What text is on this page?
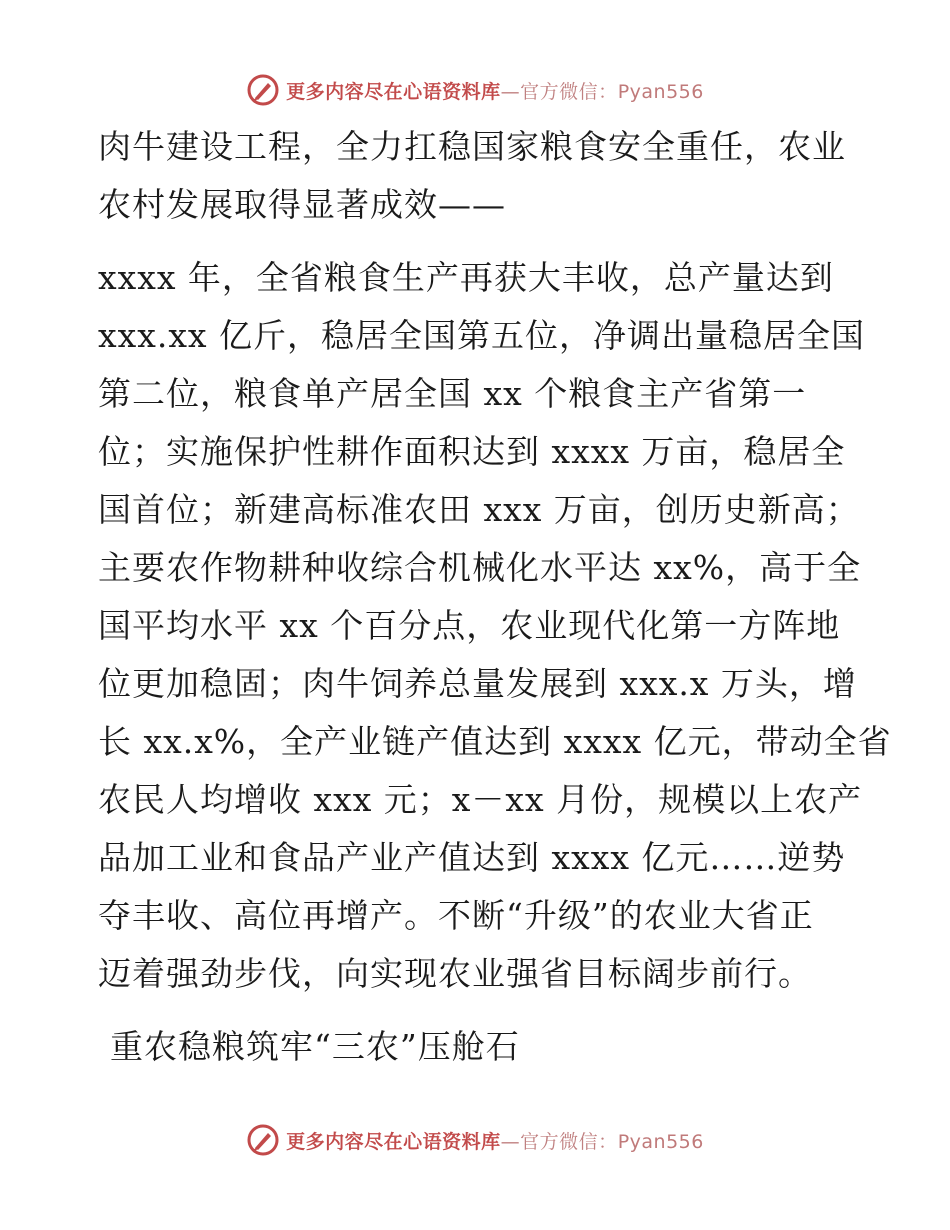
更多内容尽在心语资料库—官方微信：Pyan556

肉牛建设工程，全力扛稳国家粮食安全重任，农业
农村发展取得显著成效——

xxxx 年，全省粮食生产再获大丰收，总产量达到
xxx.xx 亿斤，稳居全国第五位，净调出量稳居全国
第二位，粮食单产居全国 xx 个粮食主产省第一
位；实施保护性耕作面积达到 xxxx 万亩，稳居全
国首位；新建高标准农田 xxx 万亩，创历史新高；
主要农作物耕种收综合机械化水平达 xx%，高于全
国平均水平 xx 个百分点，农业现代化第一方阵地
位更加稳固；肉牛饲养总量发展到 xxx.x 万头，增
长 xx.x%，全产业链产值达到 xxxx 亿元，带动全省
农民人均增收 xxx 元；x－xx 月份，规模以上农产
品加工业和食品产业产值达到 xxxx 亿元……逆势
夺丰收、高位再增产。不断“升级”的农业大省正
迈着强劲步伐，向实现农业强省目标阔步前行。

重农稳粮筑牢“三农”压舱石

更多内容尽在心语资料库—官方微信：Pyan556
